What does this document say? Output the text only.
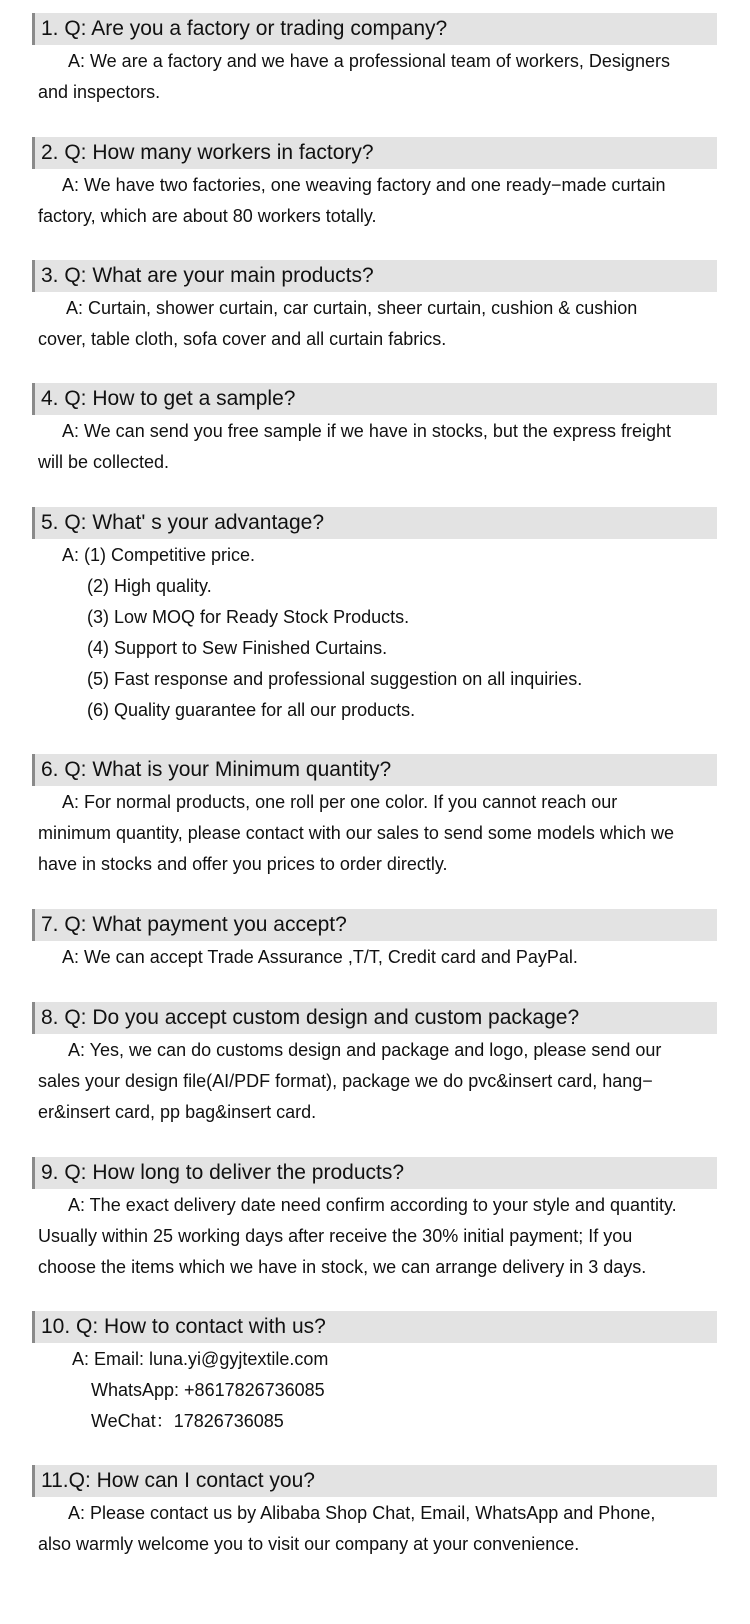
1. Q: Are you a factory or trading company?
A: We are a factory and we have a professional team of workers, Designers
and inspectors.
2. Q: How many workers in factory?
A: We have two factories, one weaving factory and one ready−made curtain
factory, which are about 80 workers totally.
3. Q: What are your main products?
A: Curtain, shower curtain, car curtain, sheer curtain, cushion & cushion
cover, table cloth, sofa cover and all curtain fabrics.
4. Q: How to get a sample?
A: We can send you free sample if we have in stocks, but the express freight
will be collected.
5. Q: What' s your advantage?
A: (1) Competitive price.
(2) High quality.
(3) Low MOQ for Ready Stock Products.
(4) Support to Sew Finished Curtains.
(5) Fast response and professional suggestion on all inquiries.
(6) Quality guarantee for all our products.
6. Q: What is your Minimum quantity?
A: For normal products, one roll per one color. If you cannot reach our
minimum quantity, please contact with our sales to send some models which we
have in stocks and offer you prices to order directly.
7. Q: What payment you accept?
A: We can accept Trade Assurance ,T/T, Credit card and PayPal.
8. Q: Do you accept custom design and custom package?
A: Yes, we can do customs design and package and logo, please send our
sales your design file(AI/PDF format), package we do pvc&insert card, hang−
er&insert card, pp bag&insert card.
9. Q: How long to deliver the products?
A: The exact delivery date need confirm according to your style and quantity.
Usually within 25 working days after receive the 30% initial payment; If you
choose the items which we have in stock, we can arrange delivery in 3 days.
10. Q: How to contact with us?
A: Email: luna.yi@gyjtextile.com
WhatsApp: +8617826736085
WeChat：17826736085
11.Q: How can I contact you?
A: Please contact us by Alibaba Shop Chat, Email, WhatsApp and Phone,
also warmly welcome you to visit our company at your convenience.
